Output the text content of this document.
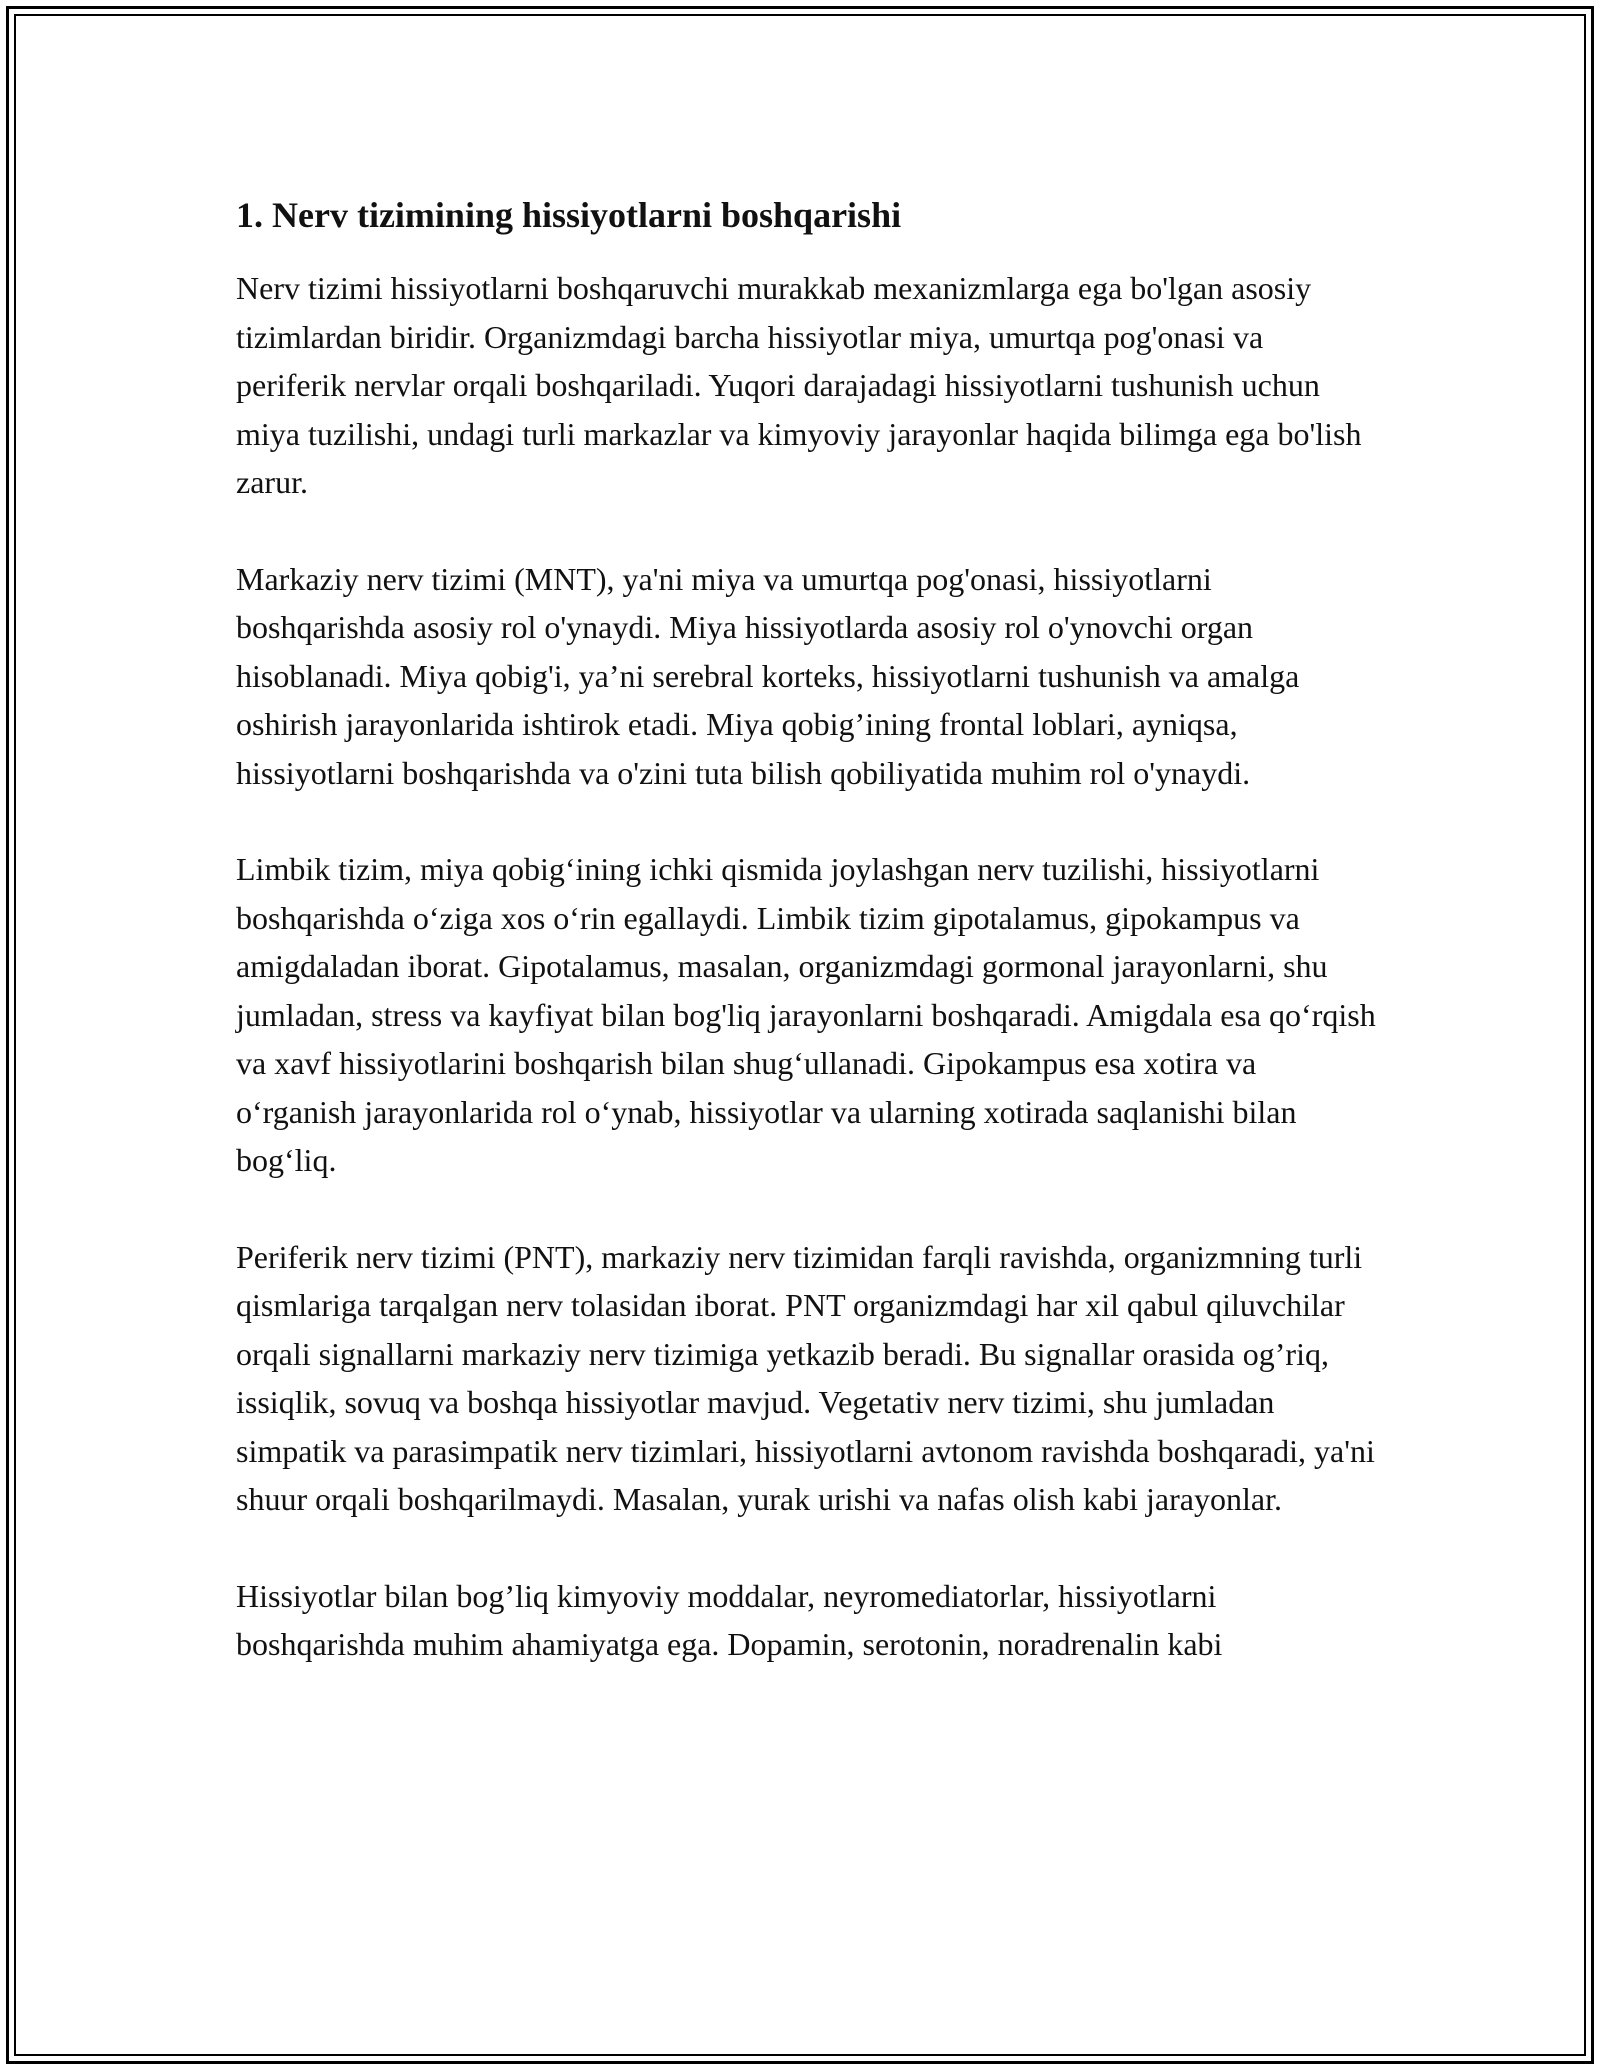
1. Nerv tizimining hissiyotlarni boshqarishi

Nerv tizimi hissiyotlarni boshqaruvchi murakkab mexanizmlarga ega bo'lgan asosiy tizimlardan biridir. Organizmdagi barcha hissiyotlar miya, umurtqa pog'onasi va periferik nervlar orqali boshqariladi. Yuqori darajadagi hissiyotlarni tushunish uchun miya tuzilishi, undagi turli markazlar va kimyoviy jarayonlar haqida bilimga ega bo'lish zarur.

Markaziy nerv tizimi (MNT), ya'ni miya va umurtqa pog'onasi, hissiyotlarni boshqarishda asosiy rol o'ynaydi. Miya hissiyotlarda asosiy rol o'ynovchi organ hisoblanadi. Miya qobig'i, ya’ni serebral korteks, hissiyotlarni tushunish va amalga oshirish jarayonlarida ishtirok etadi. Miya qobig’ining frontal loblari, ayniqsa, hissiyotlarni boshqarishda va o'zini tuta bilish qobiliyatida muhim rol o'ynaydi.

Limbik tizim, miya qobig‘ining ichki qismida joylashgan nerv tuzilishi, hissiyotlarni boshqarishda o‘ziga xos o‘rin egallaydi. Limbik tizim gipotalamus, gipokampus va amigdaladan iborat. Gipotalamus, masalan, organizmdagi gormonal jarayonlarni, shu jumladan, stress va kayfiyat bilan bog'liq jarayonlarni boshqaradi. Amigdala esa qo‘rqish va xavf hissiyotlarini boshqarish bilan shug‘ullanadi. Gipokampus esa xotira va o‘rganish jarayonlarida rol o‘ynab, hissiyotlar va ularning xotirada saqlanishi bilan bog‘liq.

Periferik nerv tizimi (PNT), markaziy nerv tizimidan farqli ravishda, organizmning turli qismlariga tarqalgan nerv tolasidan iborat. PNT organizmdagi har xil qabul qiluvchilar orqali signallarni markaziy nerv tizimiga yetkazib beradi. Bu signallar orasida og’riq, issiqlik, sovuq va boshqa hissiyotlar mavjud. Vegetativ nerv tizimi, shu jumladan simpatik va parasimpatik nerv tizimlari, hissiyotlarni avtonom ravishda boshqaradi, ya'ni shuur orqali boshqarilmaydi. Masalan, yurak urishi va nafas olish kabi jarayonlar.

Hissiyotlar bilan bog’liq kimyoviy moddalar, neyromediatorlar, hissiyotlarni boshqarishda muhim ahamiyatga ega. Dopamin, serotonin, noradrenalin kabi
